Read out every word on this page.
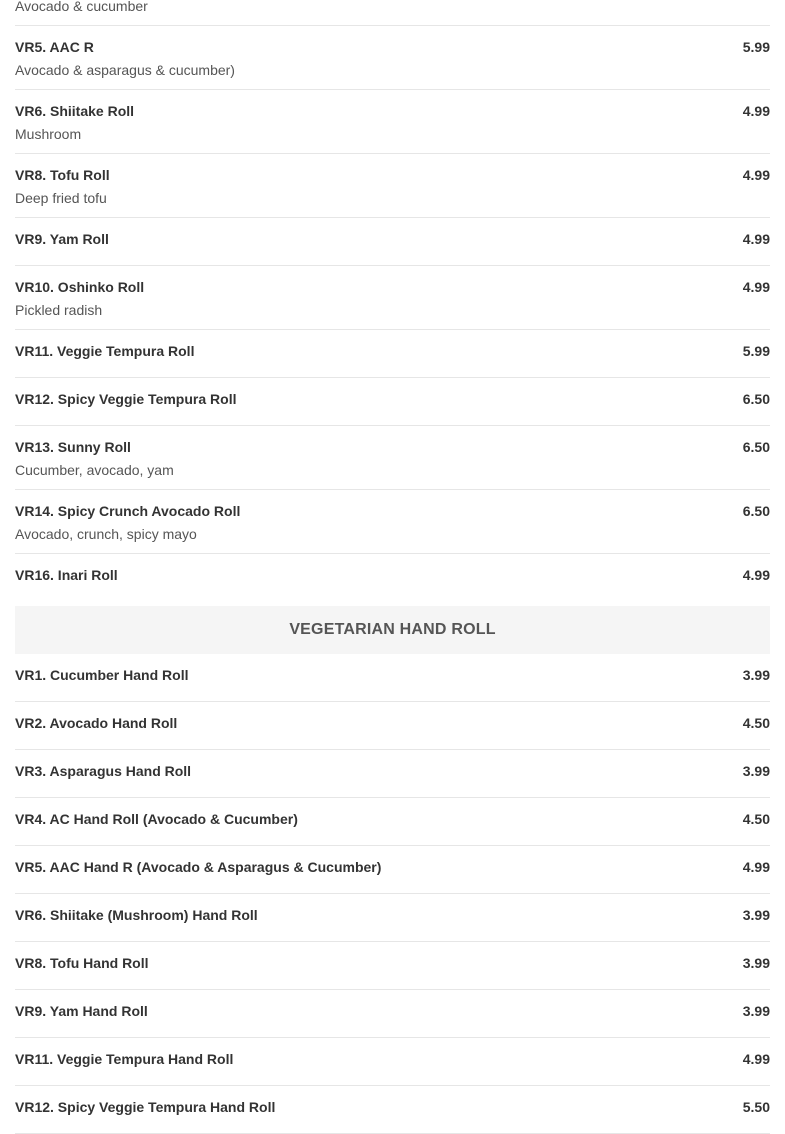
Avocado & cucumber
VR5. AAC R	5.99
Avocado & asparagus & cucumber)
VR6. Shiitake Roll	4.99
Mushroom
VR8. Tofu Roll	4.99
Deep fried tofu
VR9. Yam Roll	4.99
VR10. Oshinko Roll	4.99
Pickled radish
VR11. Veggie Tempura Roll	5.99
VR12. Spicy Veggie Tempura Roll	6.50
VR13. Sunny Roll	6.50
Cucumber, avocado, yam
VR14. Spicy Crunch Avocado Roll	6.50
Avocado, crunch, spicy mayo
VR16. Inari Roll	4.99
VEGETARIAN HAND ROLL
VR1. Cucumber Hand Roll	3.99
VR2. Avocado Hand Roll	4.50
VR3. Asparagus Hand Roll	3.99
VR4. AC Hand Roll (Avocado & Cucumber)	4.50
VR5. AAC Hand R (Avocado & Asparagus & Cucumber)	4.99
VR6. Shiitake (Mushroom) Hand Roll	3.99
VR8. Tofu Hand Roll	3.99
VR9. Yam Hand Roll	3.99
VR11. Veggie Tempura Hand Roll	4.99
VR12. Spicy Veggie Tempura Hand Roll	5.50
